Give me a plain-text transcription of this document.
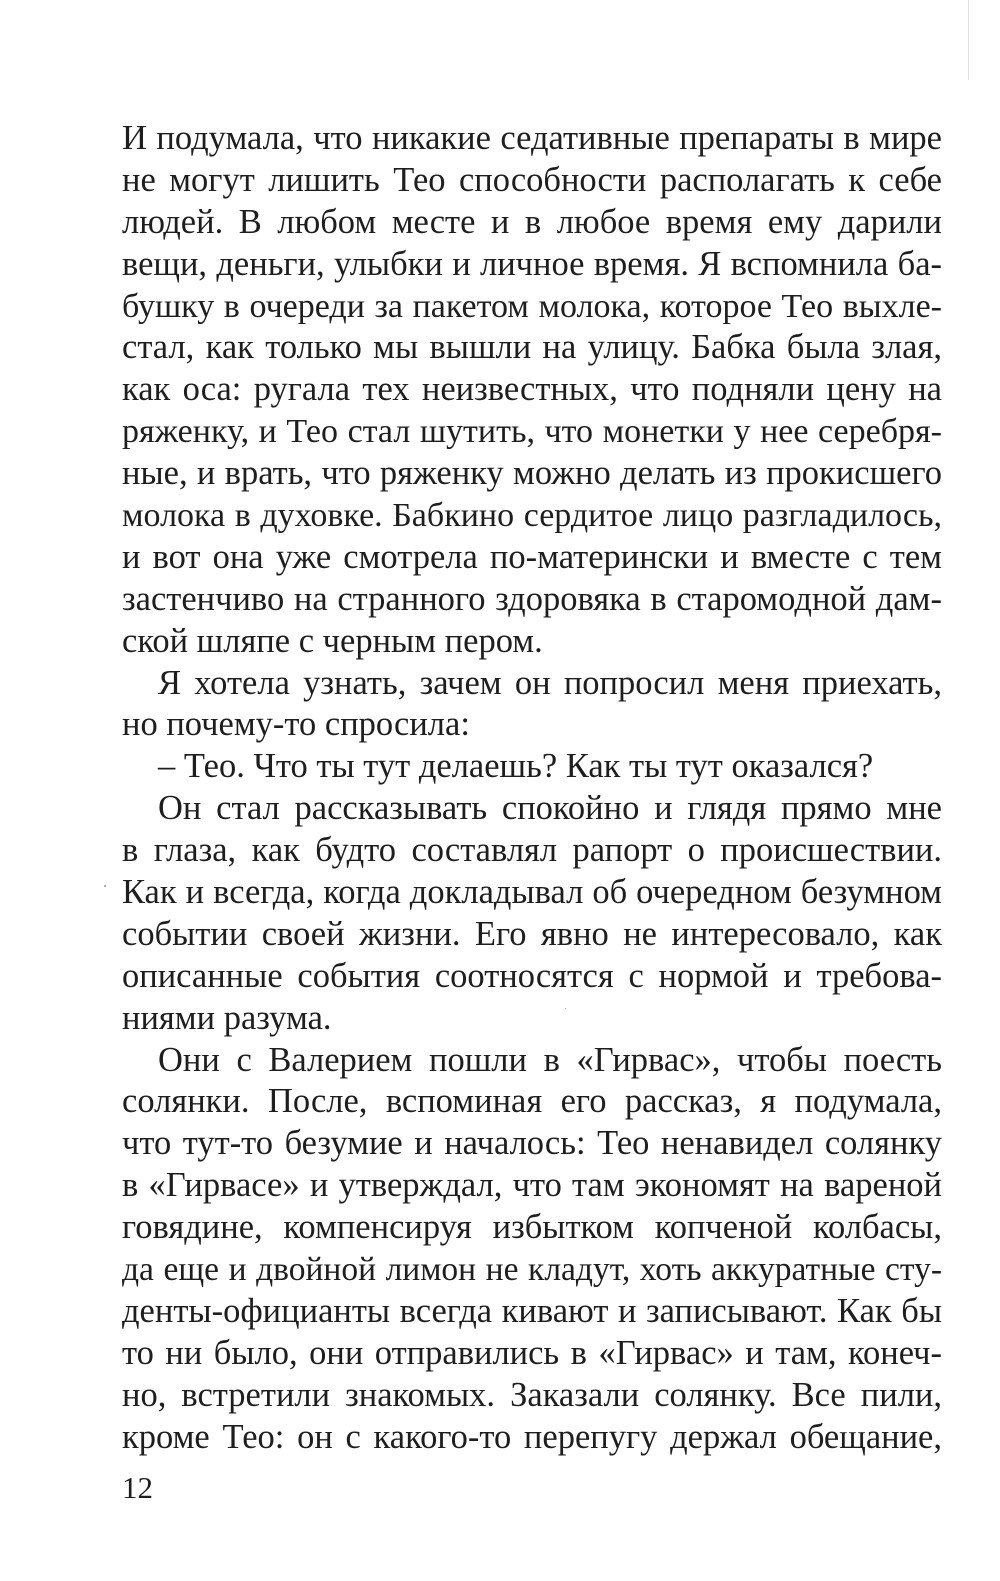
И подумала, что никакие седативные препараты в мире
не могут лишить Тео способности располагать к себе
людей. В любом месте и в любое время ему дарили
вещи, деньги, улыбки и личное время. Я вспомнила ба-
бушку в очереди за пакетом молока, которое Тео выхле-
стал, как только мы вышли на улицу. Бабка была злая,
как оса: ругала тех неизвестных, что подняли цену на
ряженку, и Тео стал шутить, что монетки у нее серебря-
ные, и врать, что ряженку можно делать из прокисшего
молока в духовке. Бабкино сердитое лицо разгладилось,
и вот она уже смотрела по-матерински и вместе с тем
застенчиво на странного здоровяка в старомодной дам-
ской шляпе с черным пером.
Я хотела узнать, зачем он попросил меня приехать,
но почему-то спросила:
– Тео. Что ты тут делаешь? Как ты тут оказался?
Он стал рассказывать спокойно и глядя прямо мне
в глаза, как будто составлял рапорт о происшествии.
Как и всегда, когда докладывал об очередном безумном
событии своей жизни. Его явно не интересовало, как
описанные события соотносятся с нормой и требова-
ниями разума.
Они с Валерием пошли в «Гирвас», чтобы поесть
солянки. После, вспоминая его рассказ, я подумала,
что тут-то безумие и началось: Тео ненавидел солянку
в «Гирвасе» и утверждал, что там экономят на вареной
говядине, компенсируя избытком копченой колбасы,
да еще и двойной лимон не кладут, хоть аккуратные сту-
денты-официанты всегда кивают и записывают. Как бы
то ни было, они отправились в «Гирвас» и там, конеч-
но, встретили знакомых. Заказали солянку. Все пили,
кроме Тео: он с какого-то перепугу держал обещание,
12
